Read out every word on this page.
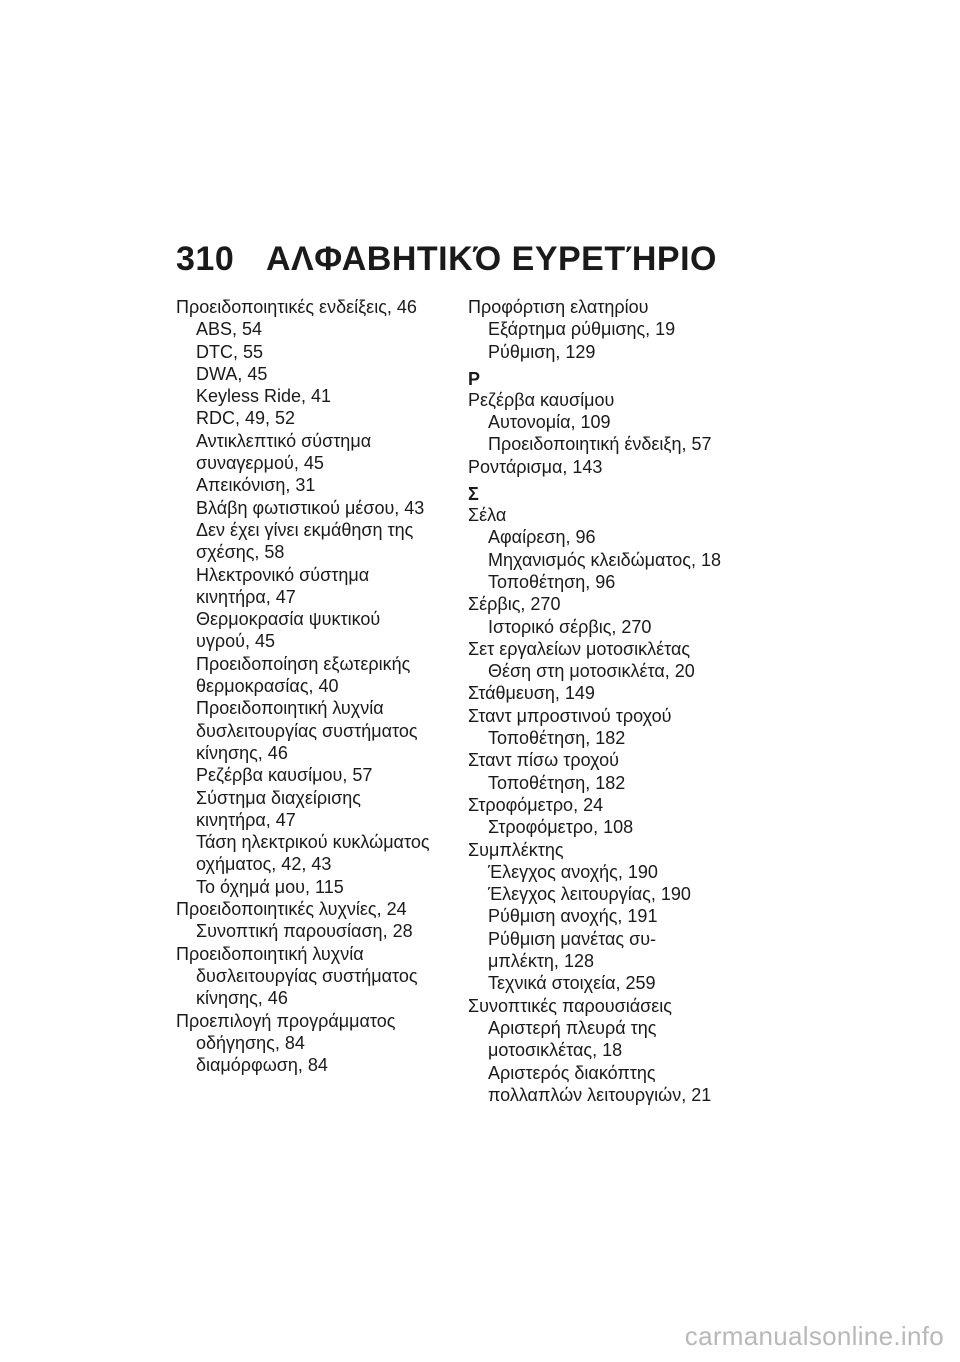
310 ΑΛΦΑΒΗΤΙΚΌ ΕΥΡΕΤΉΡΙΟ
Προειδοποιητικές ενδείξεις, 46
ABS, 54
DTC, 55
DWA, 45
Keyless Ride, 41
RDC, 49, 52
Αντικλεπτικό σύστημα
συναγερμού, 45
Απεικόνιση, 31
Βλάβη φωτιστικού μέσου, 43
Δεν έχει γίνει εκμάθηση της
σχέσης, 58
Ηλεκτρονικό σύστημα
κινητήρα, 47
Θερμοκρασία ψυκτικού
υγρού, 45
Προειδοποίηση εξωτερικής
θερμοκρασίας, 40
Προειδοποιητική λυχνία
δυσλειτουργίας συστήματος
κίνησης, 46
Ρεζέρβα καυσίμου, 57
Σύστημα διαχείρισης
κινητήρα, 47
Τάση ηλεκτρικού κυκλώματος
οχήματος, 42, 43
Το όχημά μου, 115
Προειδοποιητικές λυχνίες, 24
Συνοπτική παρουσίαση, 28
Προειδοποιητική λυχνία
δυσλειτουργίας συστήματος
κίνησης, 46
Προεπιλογή προγράμματος
οδήγησης, 84
διαμόρφωση, 84
Προφόρτιση ελατηρίου
Εξάρτημα ρύθμισης, 19
Ρύθμιση, 129
Ρ
Ρεζέρβα καυσίμου
Αυτονομία, 109
Προειδοποιητική ένδειξη, 57
Ροντάρισμα, 143
Σ
Σέλα
Αφαίρεση, 96
Μηχανισμός κλειδώματος, 18
Τοποθέτηση, 96
Σέρβις, 270
Ιστορικό σέρβις, 270
Σετ εργαλείων μοτοσικλέτας
Θέση στη μοτοσικλέτα, 20
Στάθμευση, 149
Σταντ μπροστινού τροχού
Τοποθέτηση, 182
Σταντ πίσω τροχού
Τοποθέτηση, 182
Στροφόμετρο, 24
Στροφόμετρο, 108
Συμπλέκτης
Έλεγχος ανοχής, 190
Έλεγχος λειτουργίας, 190
Ρύθμιση ανοχής, 191
Ρύθμιση μανέτας συ-
μπλέκτη, 128
Τεχνικά στοιχεία, 259
Συνοπτικές παρουσιάσεις
Αριστερή πλευρά της
μοτοσικλέτας, 18
Αριστερός διακόπτης
πολλαπλών λειτουργιών, 21
carmanualsonline.info
